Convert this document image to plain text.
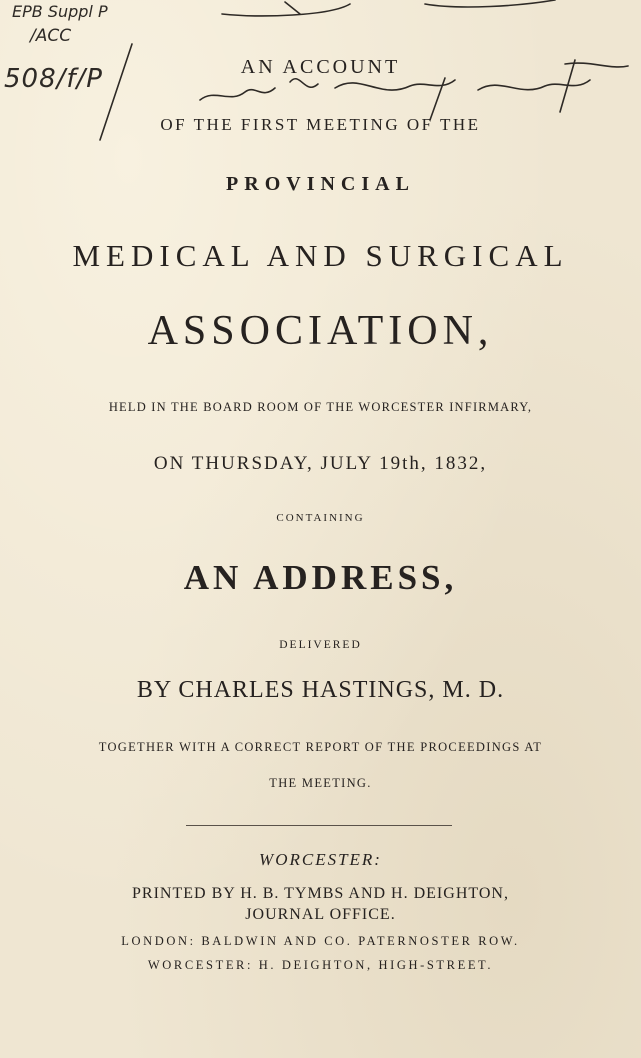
EPB Suppl P
/ACC
508/f/P	AN ACCOUNT
OF THE FIRST MEETING OF THE
PROVINCIAL
MEDICAL AND SURGICAL
ASSOCIATION,
HELD IN THE BOARD ROOM OF THE WORCESTER INFIRMARY,
ON THURSDAY, JULY 19th, 1832,
CONTAINING
AN ADDRESS,
DELIVERED
BY CHARLES HASTINGS, M. D.
TOGETHER WITH A CORRECT REPORT OF THE PROCEEDINGS AT
THE MEETING.
WORCESTER:
PRINTED BY H. B. TYMBS AND H. DEIGHTON,
JOURNAL OFFICE.
LONDON: BALDWIN AND CO. PATERNOSTER ROW.
WORCESTER: H. DEIGHTON, HIGH-STREET.
